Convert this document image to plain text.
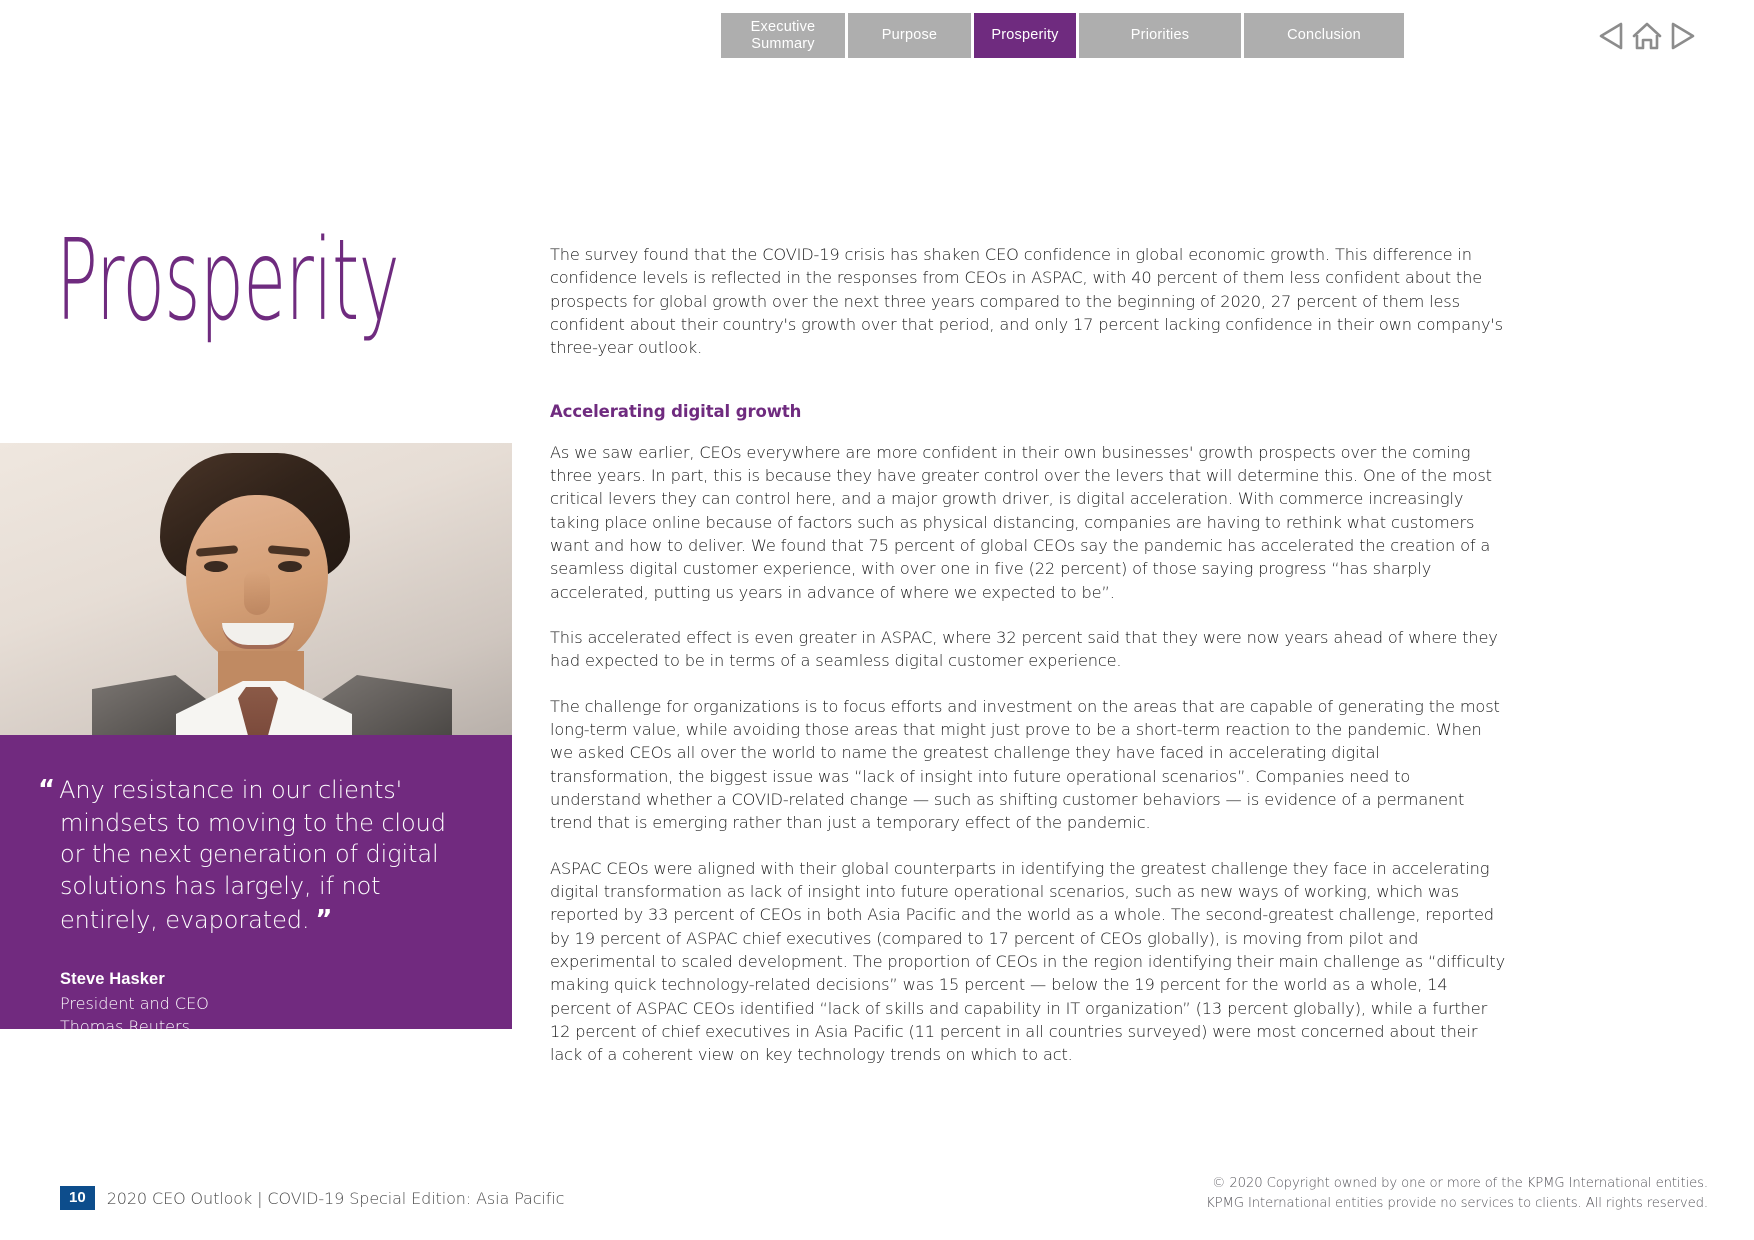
Executive Summary
Purpose	Prosperity	Priorities	Conclusion
Prosperity

“ Any resistance in our clients' mindsets to moving to the cloud or the next generation of digital solutions has largely, if not entirely, evaporated. ”

Steve Hasker
President and CEO
Thomas Reuters

The survey found that the COVID-19 crisis has shaken CEO confidence in global economic growth. This difference in confidence levels is reflected in the responses from CEOs in ASPAC, with 40 percent of them less confident about the prospects for global growth over the next three years compared to the beginning of 2020, 27 percent of them less confident about their country's growth over that period, and only 17 percent lacking confidence in their own company's three-year outlook.

Accelerating digital growth

As we saw earlier, CEOs everywhere are more confident in their own businesses' growth prospects over the coming three years. In part, this is because they have greater control over the levers that will determine this. One of the most critical levers they can control here, and a major growth driver, is digital acceleration. With commerce increasingly taking place online because of factors such as physical distancing, companies are having to rethink what customers want and how to deliver. We found that 75 percent of global CEOs say the pandemic has accelerated the creation of a seamless digital customer experience, with over one in five (22 percent) of those saying progress “has sharply accelerated, putting us years in advance of where we expected to be”.

This accelerated effect is even greater in ASPAC, where 32 percent said that they were now years ahead of where they had expected to be in terms of a seamless digital customer experience.

The challenge for organizations is to focus efforts and investment on the areas that are capable of generating the most long-term value, while avoiding those areas that might just prove to be a short-term reaction to the pandemic. When we asked CEOs all over the world to name the greatest challenge they have faced in accelerating digital transformation, the biggest issue was “lack of insight into future operational scenarios”. Companies need to understand whether a COVID-related change — such as shifting customer behaviors — is evidence of a permanent trend that is emerging rather than just a temporary effect of the pandemic.

ASPAC CEOs were aligned with their global counterparts in identifying the greatest challenge they face in accelerating digital transformation as lack of insight into future operational scenarios, such as new ways of working, which was reported by 33 percent of CEOs in both Asia Pacific and the world as a whole. The second-greatest challenge, reported by 19 percent of ASPAC chief executives (compared to 17 percent of CEOs globally), is moving from pilot and experimental to scaled development. The proportion of CEOs in the region identifying their main challenge as “difficulty making quick technology-related decisions” was 15 percent — below the 19 percent for the world as a whole, 14 percent of ASPAC CEOs identified “lack of skills and capability in IT organization” (13 percent globally), while a further 12 percent of chief executives in Asia Pacific (11 percent in all countries surveyed) were most concerned about their lack of a coherent view on key technology trends on which to act.

10	2020 CEO Outlook | COVID-19 Special Edition: Asia Pacific
© 2020 Copyright owned by one or more of the KPMG International entities.
KPMG International entities provide no services to clients. All rights reserved.
